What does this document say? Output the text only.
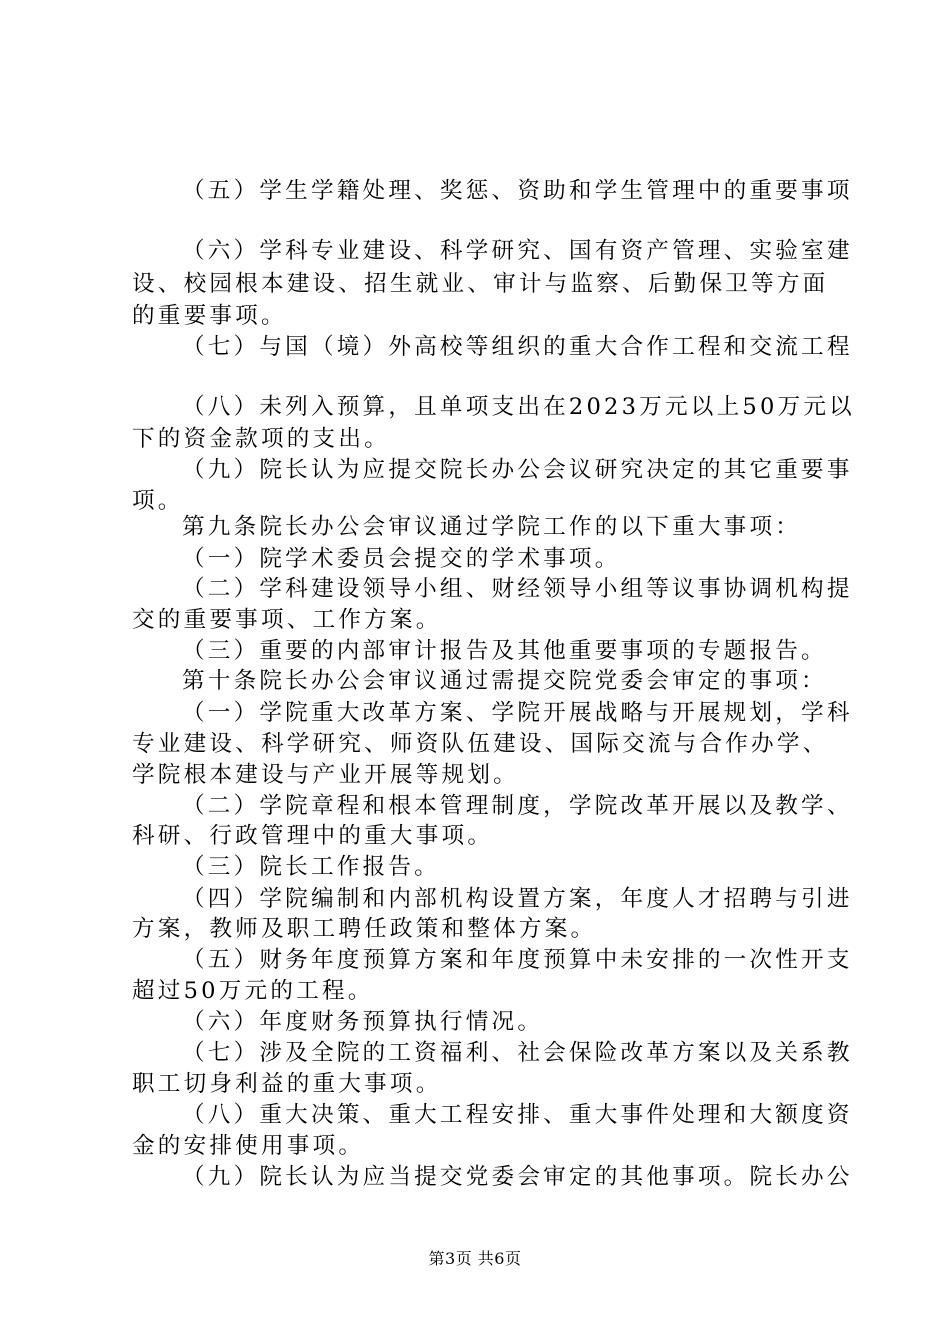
（五）学生学籍处理、奖惩、资助和学生管理中的重要事项
（六）学科专业建设、科学研究、国有资产管理、实验室建
设、校园根本建设、招生就业、审计与监察、后勤保卫等方面
的重要事项。
（七）与国（境）外高校等组织的重大合作工程和交流工程
（八）未列入预算，且单项支出在2023万元以上50万元以
下的资金款项的支出。
（九）院长认为应提交院长办公会议研究决定的其它重要事
项。
第九条院长办公会审议通过学院工作的以下重大事项：
（一）院学术委员会提交的学术事项。
（二）学科建设领导小组、财经领导小组等议事协调机构提
交的重要事项、工作方案。
（三）重要的内部审计报告及其他重要事项的专题报告。
第十条院长办公会审议通过需提交院党委会审定的事项：
（一）学院重大改革方案、学院开展战略与开展规划，学科
专业建设、科学研究、师资队伍建设、国际交流与合作办学、
学院根本建设与产业开展等规划。
（二）学院章程和根本管理制度，学院改革开展以及教学、
科研、行政管理中的重大事项。
（三）院长工作报告。
（四）学院编制和内部机构设置方案，年度人才招聘与引进
方案，教师及职工聘任政策和整体方案。
（五）财务年度预算方案和年度预算中未安排的一次性开支
超过50万元的工程。
（六）年度财务预算执行情况。
（七）涉及全院的工资福利、社会保险改革方案以及关系教
职工切身利益的重大事项。
（八）重大决策、重大工程安排、重大事件处理和大额度资
金的安排使用事项。
（九）院长认为应当提交党委会审定的其他事项。院长办公
第3页 共6页
